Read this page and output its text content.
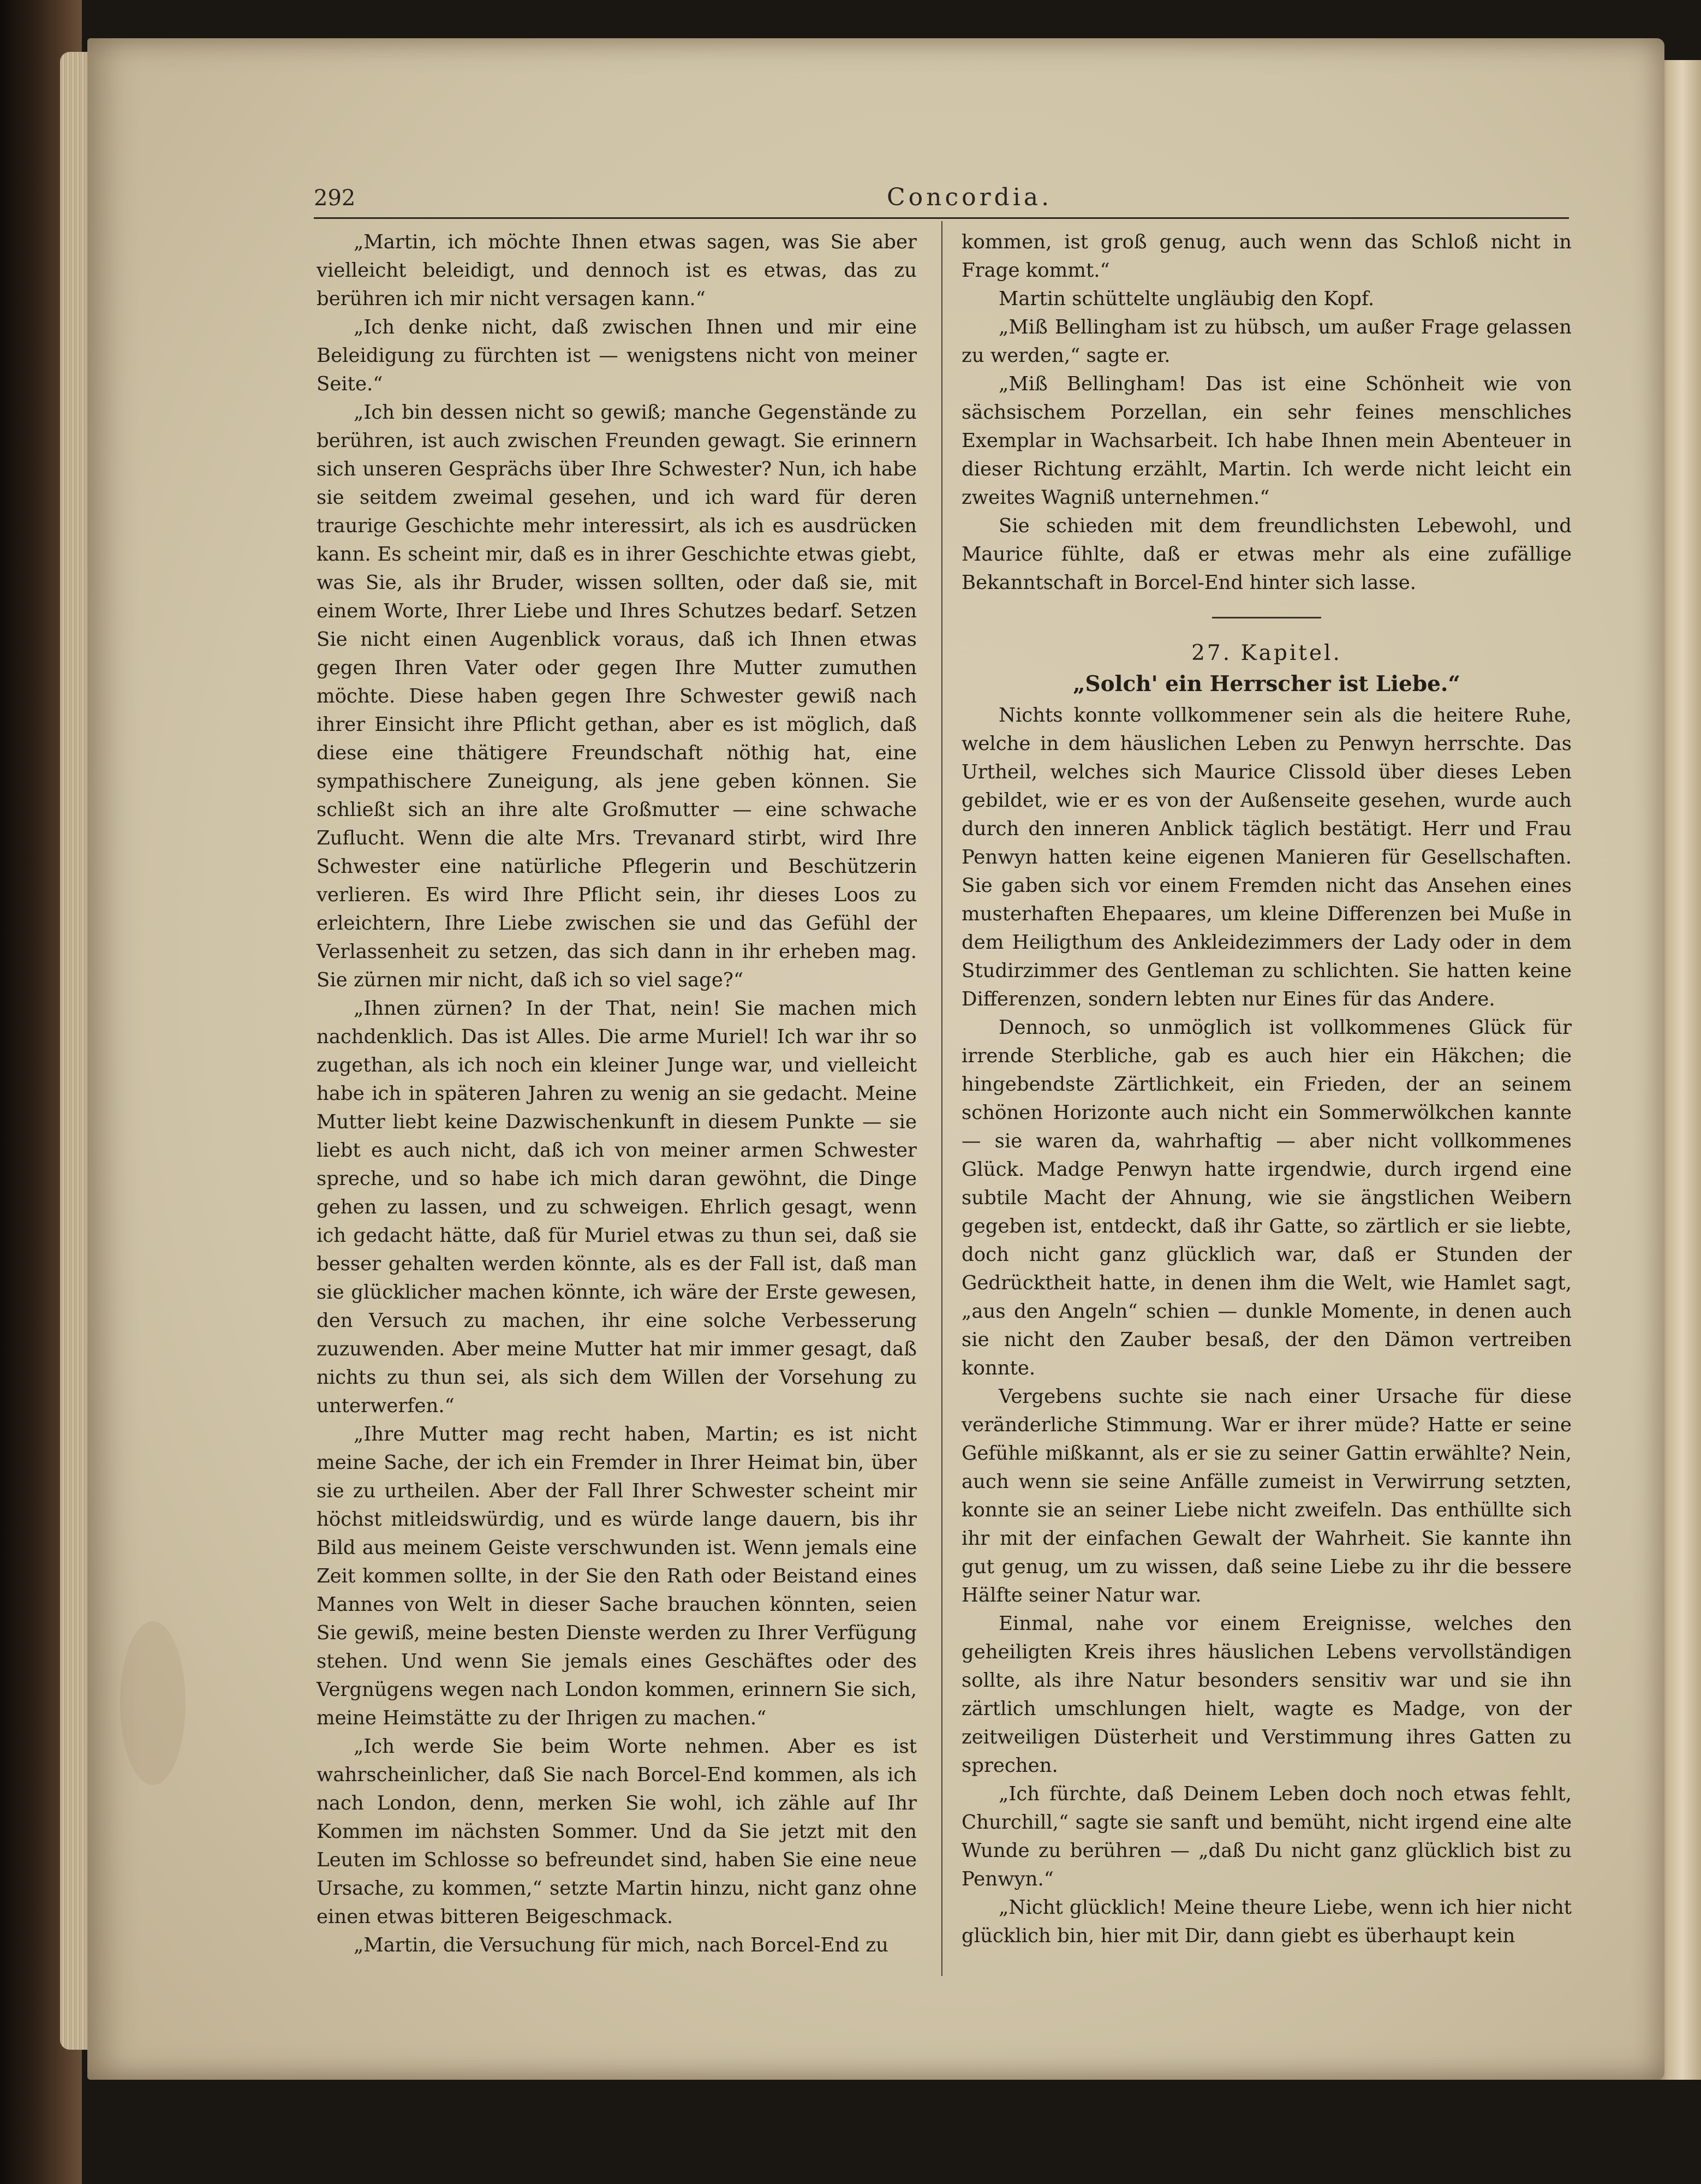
292	Concordia.

„Martin, ich möchte Ihnen etwas sagen, was Sie aber vielleicht beleidigt, und dennoch ist es etwas, das zu berühren ich mir nicht versagen kann.“

„Ich denke nicht, daß zwischen Ihnen und mir eine Beleidigung zu fürchten ist — wenigstens nicht von meiner Seite.“

„Ich bin dessen nicht so gewiß; manche Gegenstände zu berühren, ist auch zwischen Freunden gewagt. Sie erinnern sich unseren Gesprächs über Ihre Schwester? Nun, ich habe sie seitdem zweimal gesehen, und ich ward für deren traurige Geschichte mehr interessirt, als ich es ausdrücken kann. Es scheint mir, daß es in ihrer Geschichte etwas giebt, was Sie, als ihr Bruder, wissen sollten, oder daß sie, mit einem Worte, Ihrer Liebe und Ihres Schutzes bedarf. Setzen Sie nicht einen Augenblick voraus, daß ich Ihnen etwas gegen Ihren Vater oder gegen Ihre Mutter zumuthen möchte. Diese haben gegen Ihre Schwester gewiß nach ihrer Einsicht ihre Pflicht gethan, aber es ist möglich, daß diese eine thätigere Freundschaft nöthig hat, eine sympathischere Zuneigung, als jene geben können. Sie schließt sich an ihre alte Großmutter — eine schwache Zuflucht. Wenn die alte Mrs. Trevanard stirbt, wird Ihre Schwester eine natürliche Pflegerin und Beschützerin verlieren. Es wird Ihre Pflicht sein, ihr dieses Loos zu erleichtern, Ihre Liebe zwischen sie und das Gefühl der Verlassenheit zu setzen, das sich dann in ihr erheben mag. Sie zürnen mir nicht, daß ich so viel sage?“

„Ihnen zürnen? In der That, nein! Sie machen mich nachdenklich. Das ist Alles. Die arme Muriel! Ich war ihr so zugethan, als ich noch ein kleiner Junge war, und vielleicht habe ich in späteren Jahren zu wenig an sie gedacht. Meine Mutter liebt keine Dazwischenkunft in diesem Punkte — sie liebt es auch nicht, daß ich von meiner armen Schwester spreche, und so habe ich mich daran gewöhnt, die Dinge gehen zu lassen, und zu schweigen. Ehrlich gesagt, wenn ich gedacht hätte, daß für Muriel etwas zu thun sei, daß sie besser gehalten werden könnte, als es der Fall ist, daß man sie glücklicher machen könnte, ich wäre der Erste gewesen, den Versuch zu machen, ihr eine solche Verbesserung zuzuwenden. Aber meine Mutter hat mir immer gesagt, daß nichts zu thun sei, als sich dem Willen der Vorsehung zu unterwerfen.“

„Ihre Mutter mag recht haben, Martin; es ist nicht meine Sache, der ich ein Fremder in Ihrer Heimat bin, über sie zu urtheilen. Aber der Fall Ihrer Schwester scheint mir höchst mitleidswürdig, und es würde lange dauern, bis ihr Bild aus meinem Geiste verschwunden ist. Wenn jemals eine Zeit kommen sollte, in der Sie den Rath oder Beistand eines Mannes von Welt in dieser Sache brauchen könnten, seien Sie gewiß, meine besten Dienste werden zu Ihrer Verfügung stehen. Und wenn Sie jemals eines Geschäftes oder des Vergnügens wegen nach London kommen, erinnern Sie sich, meine Heimstätte zu der Ihrigen zu machen.“

„Ich werde Sie beim Worte nehmen. Aber es ist wahrscheinlicher, daß Sie nach Borcel-End kommen, als ich nach London, denn, merken Sie wohl, ich zähle auf Ihr Kommen im nächsten Sommer. Und da Sie jetzt mit den Leuten im Schlosse so befreundet sind, haben Sie eine neue Ursache, zu kommen,“ setzte Martin hinzu, nicht ganz ohne einen etwas bitteren Beigeschmack.

„Martin, die Versuchung für mich, nach Borcel-End zu

kommen, ist groß genug, auch wenn das Schloß nicht in Frage kommt.“

Martin schüttelte ungläubig den Kopf.

„Miß Bellingham ist zu hübsch, um außer Frage gelassen zu werden,“ sagte er.

„Miß Bellingham! Das ist eine Schönheit wie von sächsischem Porzellan, ein sehr feines menschliches Exemplar in Wachsarbeit. Ich habe Ihnen mein Abenteuer in dieser Richtung erzählt, Martin. Ich werde nicht leicht ein zweites Wagniß unternehmen.“

Sie schieden mit dem freundlichsten Lebewohl, und Maurice fühlte, daß er etwas mehr als eine zufällige Bekanntschaft in Borcel-End hinter sich lasse.

27. Kapitel.

„Solch' ein Herrscher ist Liebe.“

Nichts konnte vollkommener sein als die heitere Ruhe, welche in dem häuslichen Leben zu Penwyn herrschte. Das Urtheil, welches sich Maurice Clissold über dieses Leben gebildet, wie er es von der Außenseite gesehen, wurde auch durch den inneren Anblick täglich bestätigt. Herr und Frau Penwyn hatten keine eigenen Manieren für Gesellschaften. Sie gaben sich vor einem Fremden nicht das Ansehen eines musterhaften Ehepaares, um kleine Differenzen bei Muße in dem Heiligthum des Ankleidezimmers der Lady oder in dem Studirzimmer des Gentleman zu schlichten. Sie hatten keine Differenzen, sondern lebten nur Eines für das Andere.

Dennoch, so unmöglich ist vollkommenes Glück für irrende Sterbliche, gab es auch hier ein Häkchen; die hingebendste Zärtlichkeit, ein Frieden, der an seinem schönen Horizonte auch nicht ein Sommerwölkchen kannte — sie waren da, wahrhaftig — aber nicht vollkommenes Glück. Madge Penwyn hatte irgendwie, durch irgend eine subtile Macht der Ahnung, wie sie ängstlichen Weibern gegeben ist, entdeckt, daß ihr Gatte, so zärtlich er sie liebte, doch nicht ganz glücklich war, daß er Stunden der Gedrücktheit hatte, in denen ihm die Welt, wie Hamlet sagt, „aus den Angeln“ schien — dunkle Momente, in denen auch sie nicht den Zauber besaß, der den Dämon vertreiben konnte.

Vergebens suchte sie nach einer Ursache für diese veränderliche Stimmung. War er ihrer müde? Hatte er seine Gefühle mißkannt, als er sie zu seiner Gattin erwählte? Nein, auch wenn sie seine Anfälle zumeist in Verwirrung setzten, konnte sie an seiner Liebe nicht zweifeln. Das enthüllte sich ihr mit der einfachen Gewalt der Wahrheit. Sie kannte ihn gut genug, um zu wissen, daß seine Liebe zu ihr die bessere Hälfte seiner Natur war.

Einmal, nahe vor einem Ereignisse, welches den geheiligten Kreis ihres häuslichen Lebens vervollständigen sollte, als ihre Natur besonders sensitiv war und sie ihn zärtlich umschlungen hielt, wagte es Madge, von der zeitweiligen Düsterheit und Verstimmung ihres Gatten zu sprechen.

„Ich fürchte, daß Deinem Leben doch noch etwas fehlt, Churchill,“ sagte sie sanft und bemüht, nicht irgend eine alte Wunde zu berühren — „daß Du nicht ganz glücklich bist zu Penwyn.“

„Nicht glücklich! Meine theure Liebe, wenn ich hier nicht glücklich bin, hier mit Dir, dann giebt es überhaupt kein
